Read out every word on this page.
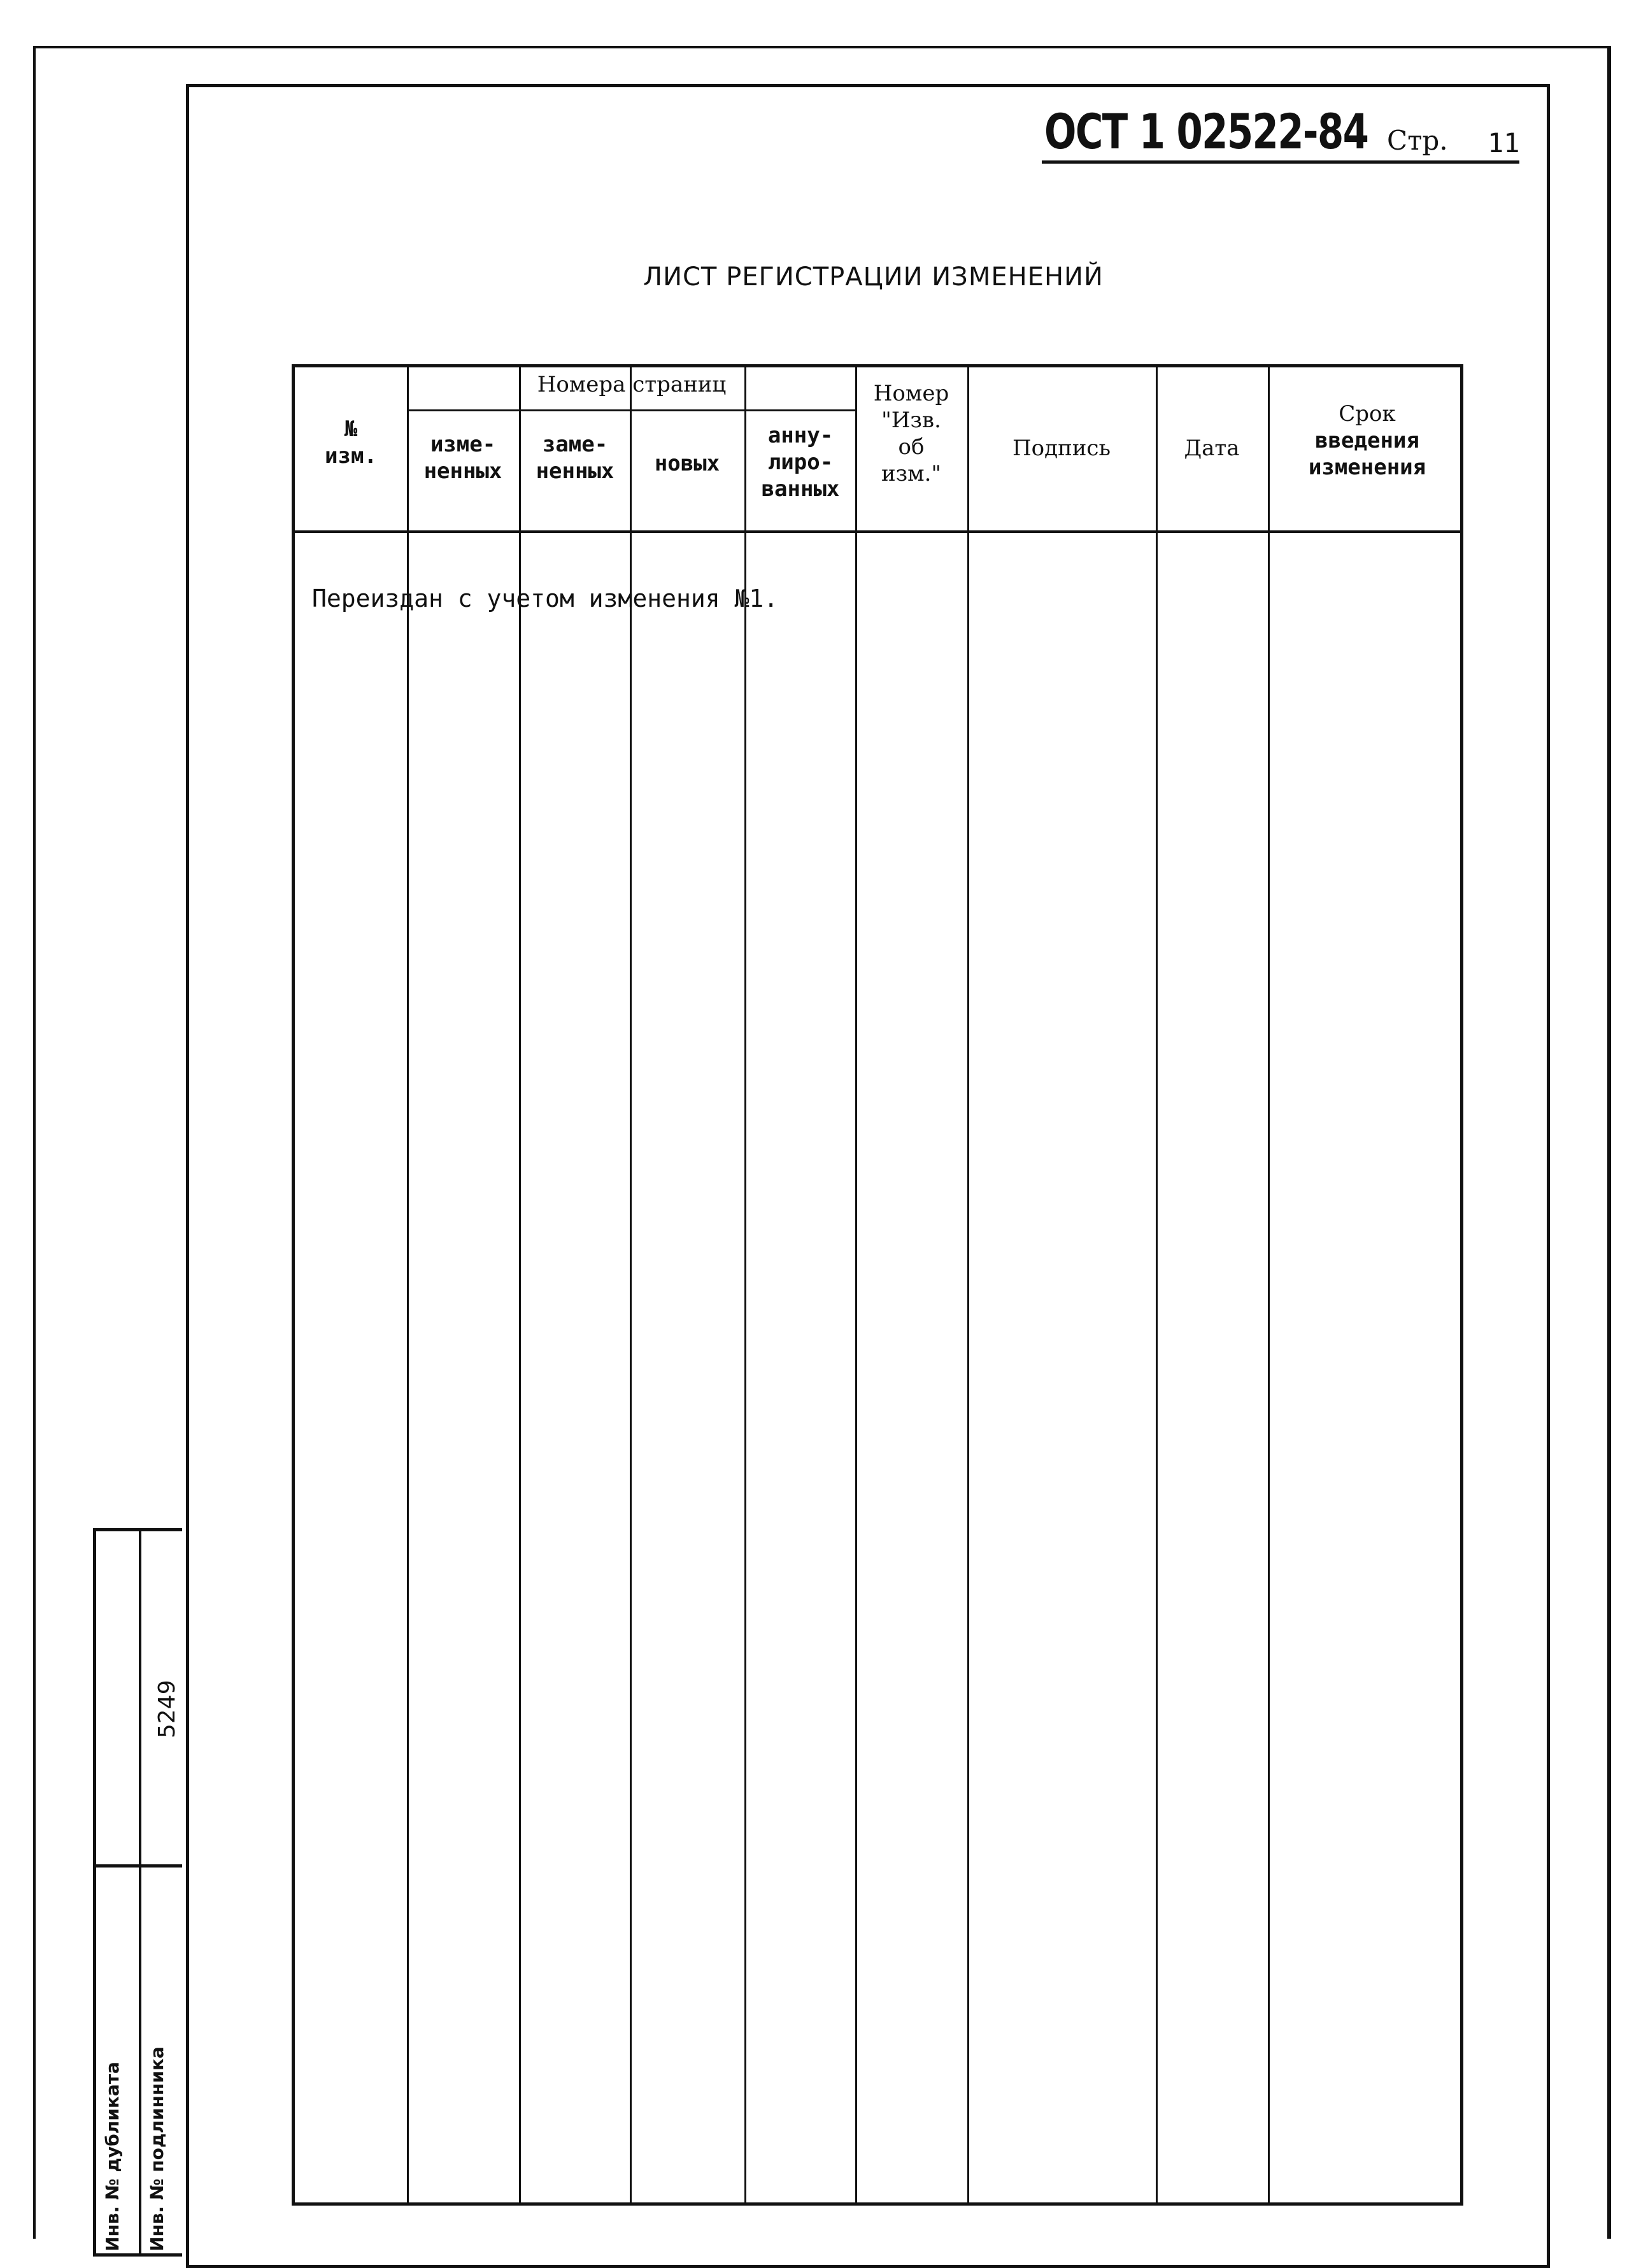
ОСТ 1 02522-84 Стр. 11
ЛИСТ РЕГИСТРАЦИИ ИЗМЕНЕНИЙ
№
изм.
Номера страниц
изме-
ненных
заме-
ненных	новых
анну-
лиро-
ванных
Номер
"Изв.
об
изм."
Подпись	Дата
Срок
введения
изменения
Переиздан с учетом изменения №1.
5249
Инв. № дубликата Инв. № подлинника
